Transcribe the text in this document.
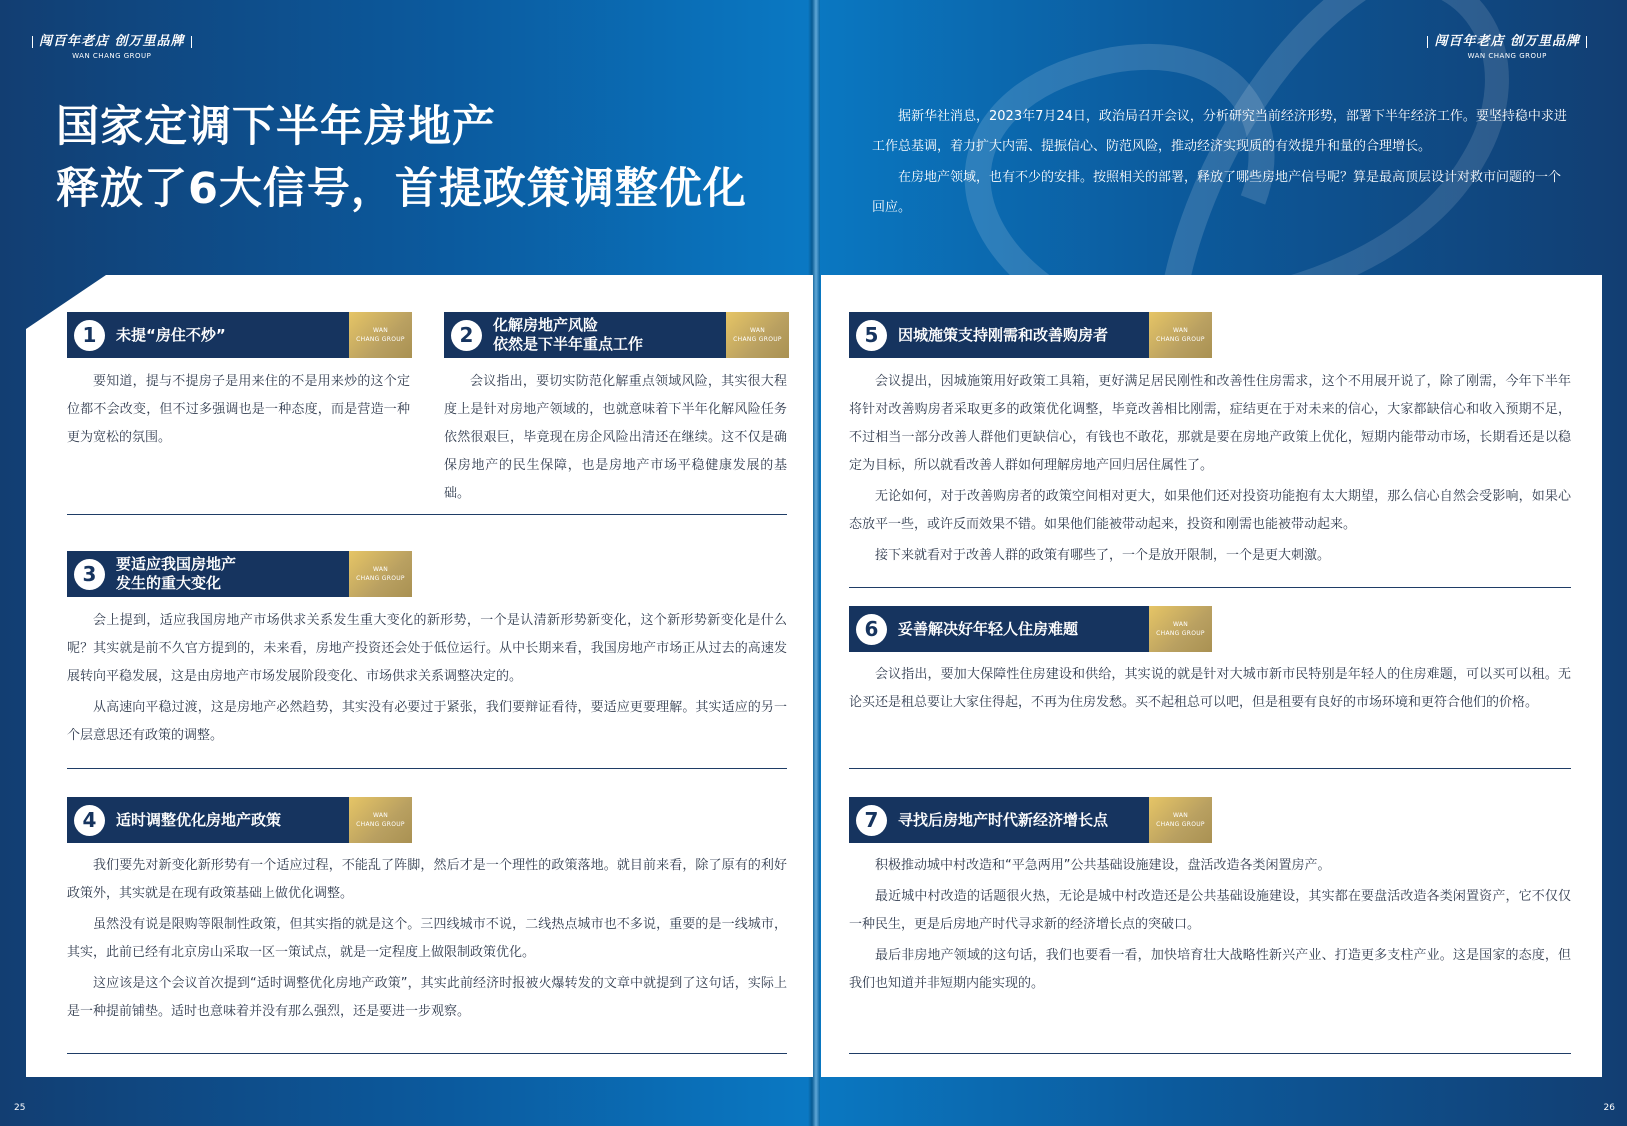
闯百年老店 创万里品牌
WAN CHANG GROUP
国家定调下半年房地产
释放了6大信号，首提政策调整优化
25
闯百年老店 创万里品牌
WAN CHANG GROUP
26

据新华社消息，2023年7月24日，政治局召开会议，分析研究当前经济形势，部署下半年经济工作。要坚持稳中求进工作总基调，着力扩大内需、提振信心、防范风险，推动经济实现质的有效提升和量的合理增长。

在房地产领域，也有不少的安排。按照相关的部署，释放了哪些房地产信号呢？算是最高顶层设计对救市问题的一个回应。

1	未提“房住不炒”	WAN
CHANG GROUP

要知道，提与不提房子是用来住的不是用来炒的这个定位都不会改变，但不过多强调也是一种态度，而是营造一种更为宽松的氛围。

2	化解房地产风险
依然是下半年重点工作
WAN
CHANG GROUP

会议指出，要切实防范化解重点领域风险，其实很大程度上是针对房地产领域的，也就意味着下半年化解风险任务依然很艰巨，毕竟现在房企风险出清还在继续。这不仅是确保房地产的民生保障，也是房地产市场平稳健康发展的基础。

3	要适应我国房地产
发生的重大变化
WAN
CHANG GROUP

会上提到，适应我国房地产市场供求关系发生重大变化的新形势，一个是认清新形势新变化，这个新形势新变化是什么呢？其实就是前不久官方提到的，未来看，房地产投资还会处于低位运行。从中长期来看，我国房地产市场正从过去的高速发展转向平稳发展，这是由房地产市场发展阶段变化、市场供求关系调整决定的。

从高速向平稳过渡，这是房地产必然趋势，其实没有必要过于紧张，我们要辩证看待，要适应更要理解。其实适应的另一个层意思还有政策的调整。

4	适时调整优化房地产政策	WAN
CHANG GROUP

我们要先对新变化新形势有一个适应过程，不能乱了阵脚，然后才是一个理性的政策落地。就目前来看，除了原有的利好政策外，其实就是在现有政策基础上做优化调整。

虽然没有说是限购等限制性政策，但其实指的就是这个。三四线城市不说，二线热点城市也不多说，重要的是一线城市，其实，此前已经有北京房山采取一区一策试点，就是一定程度上做限制政策优化。

这应该是这个会议首次提到“适时调整优化房地产政策”，其实此前经济时报被火爆转发的文章中就提到了这句话，实际上是一种提前铺垫。适时也意味着并没有那么强烈，还是要进一步观察。

5	因城施策支持刚需和改善购房者	WAN
CHANG GROUP

会议提出，因城施策用好政策工具箱，更好满足居民刚性和改善性住房需求，这个不用展开说了，除了刚需，今年下半年将针对改善购房者采取更多的政策优化调整，毕竟改善相比刚需，症结更在于对未来的信心，大家都缺信心和收入预期不足，不过相当一部分改善人群他们更缺信心，有钱也不敢花，那就是要在房地产政策上优化，短期内能带动市场，长期看还是以稳定为目标，所以就看改善人群如何理解房地产回归居住属性了。

无论如何，对于改善购房者的政策空间相对更大，如果他们还对投资功能抱有太大期望，那么信心自然会受影响，如果心态放平一些，或许反而效果不错。如果他们能被带动起来，投资和刚需也能被带动起来。

接下来就看对于改善人群的政策有哪些了，一个是放开限制，一个是更大刺激。

6	妥善解决好年轻人住房难题	WAN
CHANG GROUP

会议指出，要加大保障性住房建设和供给，其实说的就是针对大城市新市民特别是年轻人的住房难题，可以买可以租。无论买还是租总要让大家住得起，不再为住房发愁。买不起租总可以吧，但是租要有良好的市场环境和更符合他们的价格。

7	寻找后房地产时代新经济增长点	WAN
CHANG GROUP

积极推动城中村改造和“平急两用”公共基础设施建设，盘活改造各类闲置房产。

最近城中村改造的话题很火热，无论是城中村改造还是公共基础设施建设，其实都在要盘活改造各类闲置资产，它不仅仅一种民生，更是后房地产时代寻求新的经济增长点的突破口。

最后非房地产领域的这句话，我们也要看一看，加快培育壮大战略性新兴产业、打造更多支柱产业。这是国家的态度，但我们也知道并非短期内能实现的。
